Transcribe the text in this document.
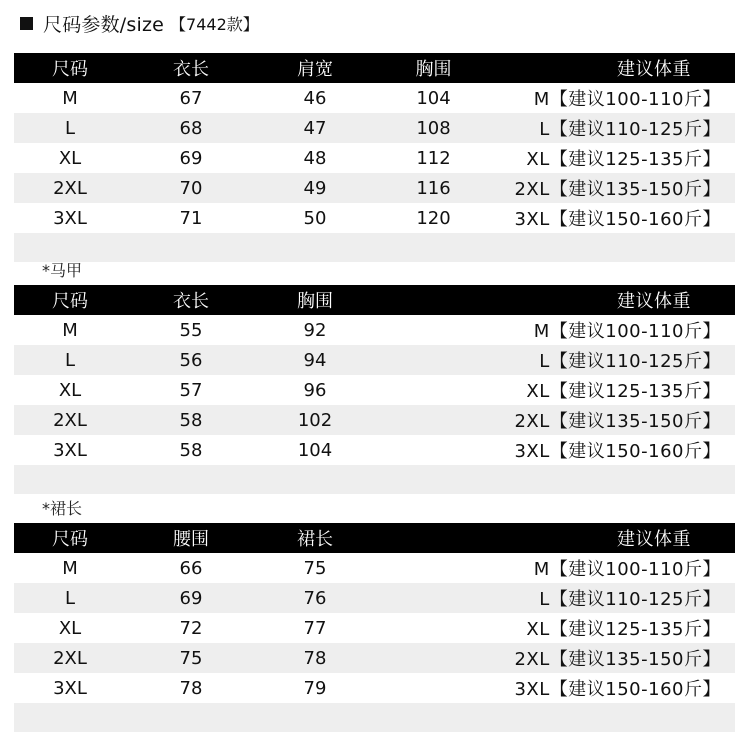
尺码参数/size 【7442款】
尺码	衣长	肩宽	胸围	建议体重
M	67	46	104	M【建议100-110斤】
L	68	47	108	L【建议110-125斤】
XL	69	48	112	XL【建议125-135斤】
2XL	70	49	116	2XL【建议135-150斤】
3XL	71	50	120	3XL【建议150-160斤】

*马甲
尺码	衣长	胸围		建议体重
M	55	92		M【建议100-110斤】
L	56	94		L【建议110-125斤】
XL	57	96		XL【建议125-135斤】
2XL	58	102		2XL【建议135-150斤】
3XL	58	104		3XL【建议150-160斤】

*裙长
尺码	腰围	裙长		建议体重
M	66	75		M【建议100-110斤】
L	69	76		L【建议110-125斤】
XL	72	77		XL【建议125-135斤】
2XL	75	78		2XL【建议135-150斤】
3XL	78	79		3XL【建议150-160斤】
